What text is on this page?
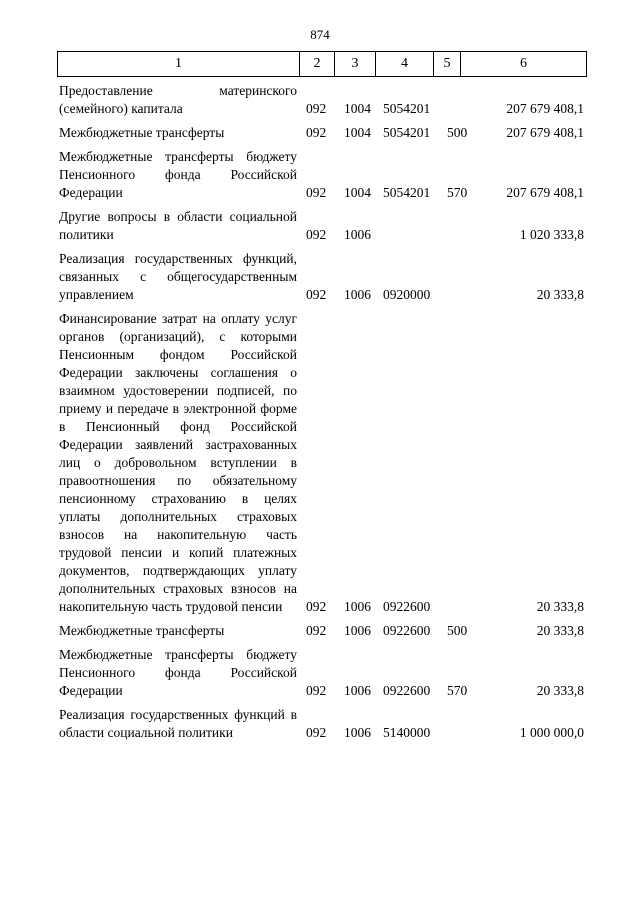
874
1	2	3	4	5	6
Предоставление материнского (семейного) капитала	092 1004 5054201	207 679 408,1
Межбюджетные трансферты	092 1004 5054201 500	207 679 408,1
Межбюджетные трансферты бюджету Пенсионного фонда Российской Федерации	092 1004 5054201 570	207 679 408,1
Другие вопросы в области социальной политики	092 1006	1 020 333,8
Реализация государственных функций, связанных с общегосударственным управлением	092 1006 0920000	20 333,8
Финансирование затрат на оплату услуг органов (организаций), с которыми Пенсионным фондом Российской Федерации заключены соглашения о взаимном удостоверении подписей, по приему и передаче в электронной форме в Пенсионный фонд Российской Федерации заявлений застрахованных лиц о добровольном вступлении в правоотношения по обязательному пенсионному страхованию в целях уплаты дополнительных страховых взносов на накопительную часть трудовой пенсии и копий платежных документов, подтверждающих уплату дополнительных страховых взносов на накопительную часть трудовой пенсии	092 1006 0922600	20 333,8
Межбюджетные трансферты	092 1006 0922600 500	20 333,8
Межбюджетные трансферты бюджету Пенсионного фонда Российской Федерации	092 1006 0922600 570	20 333,8
Реализация государственных функций в области социальной политики	092 1006 5140000	1 000 000,0
